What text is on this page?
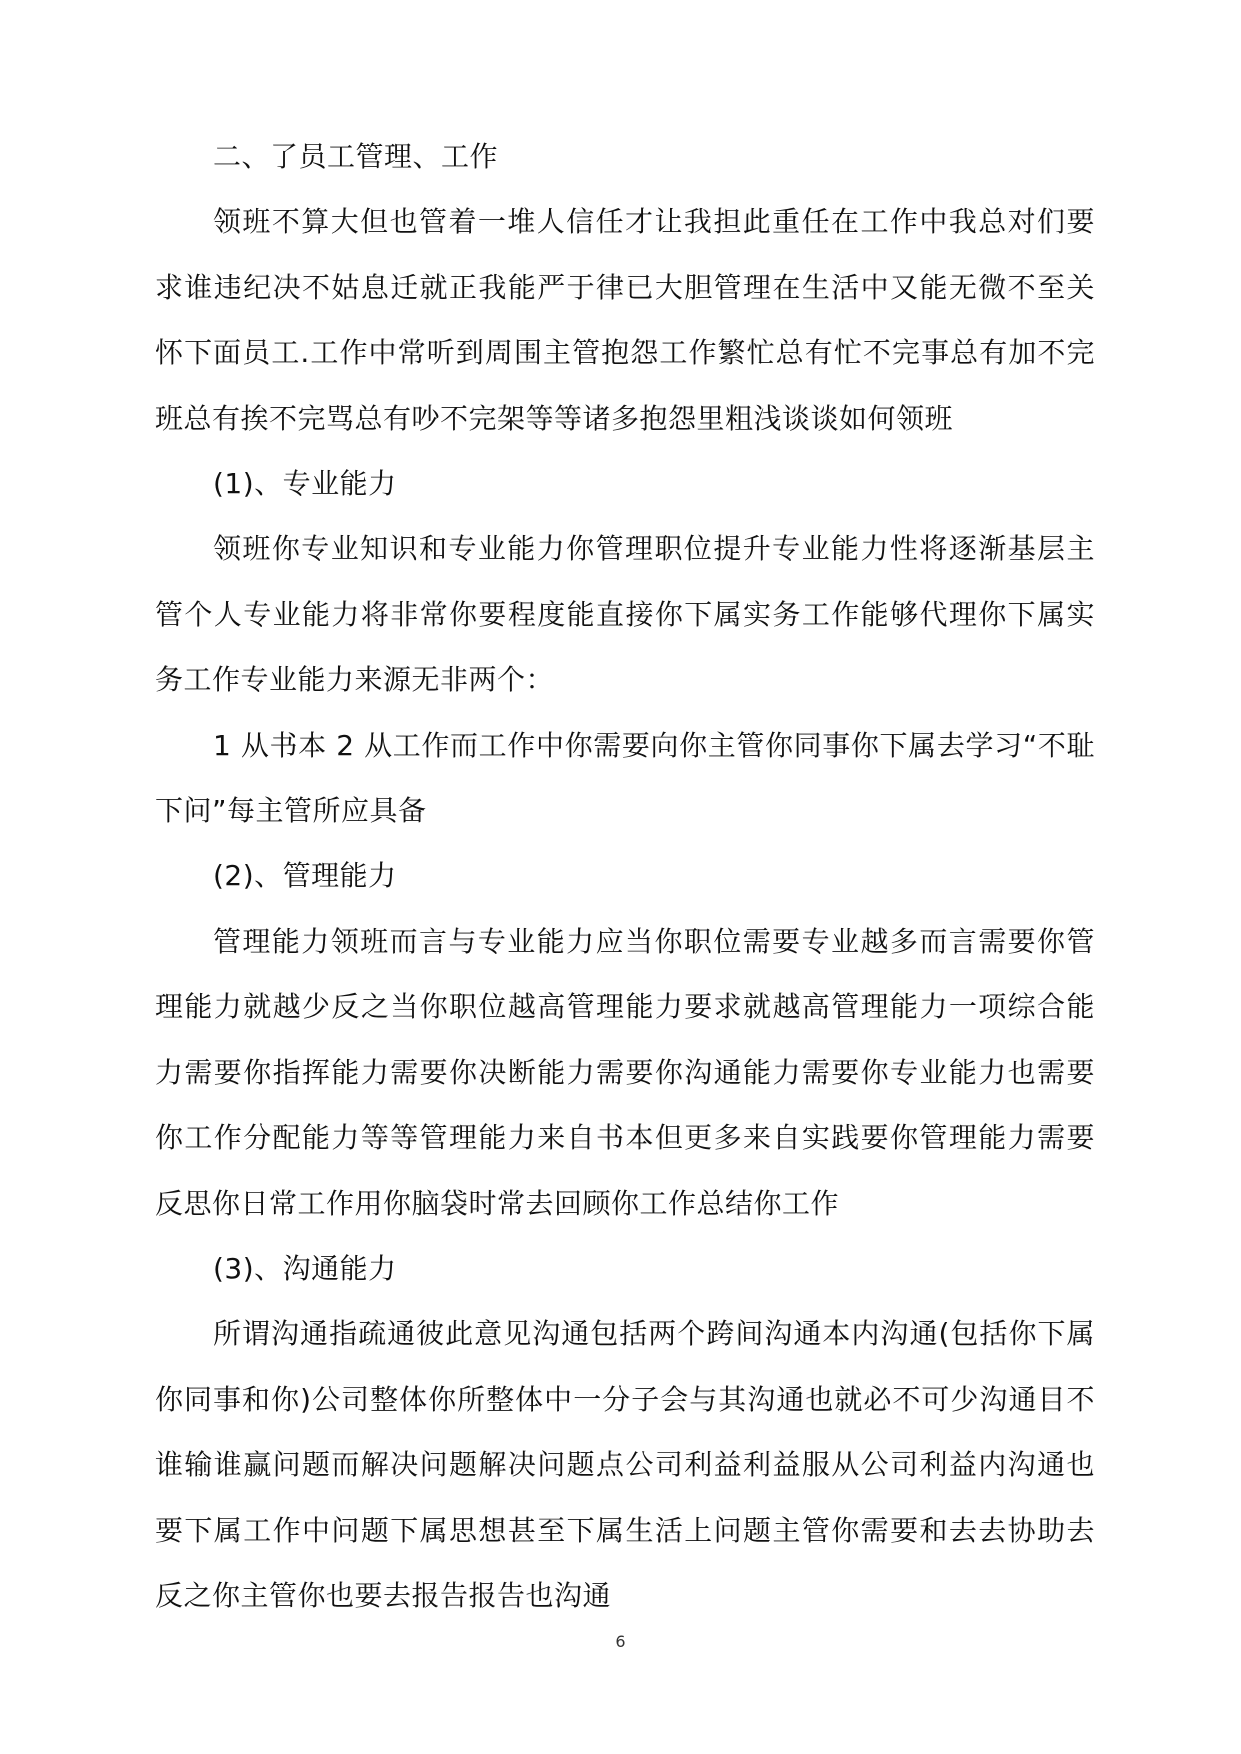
二、了员工管理、工作

领班不算大但也管着一堆人信任才让我担此重任在工作中我总对们要求谁违纪决不姑息迁就正我能严于律已大胆管理在生活中又能无微不至关怀下面员工.工作中常听到周围主管抱怨工作繁忙总有忙不完事总有加不完班总有挨不完骂总有吵不完架等等诸多抱怨里粗浅谈谈如何领班

(1)、专业能力

领班你专业知识和专业能力你管理职位提升专业能力性将逐渐基层主管个人专业能力将非常你要程度能直接你下属实务工作能够代理你下属实务工作专业能力来源无非两个：

1 从书本 2 从工作而工作中你需要向你主管你同事你下属去学习“不耻下问”每主管所应具备

(2)、管理能力

管理能力领班而言与专业能力应当你职位需要专业越多而言需要你管理能力就越少反之当你职位越高管理能力要求就越高管理能力一项综合能力需要你指挥能力需要你决断能力需要你沟通能力需要你专业能力也需要你工作分配能力等等管理能力来自书本但更多来自实践要你管理能力需要反思你日常工作用你脑袋时常去回顾你工作总结你工作

(3)、沟通能力

所谓沟通指疏通彼此意见沟通包括两个跨间沟通本内沟通(包括你下属你同事和你)公司整体你所整体中一分子会与其沟通也就必不可少沟通目不谁输谁赢问题而解决问题解决问题点公司利益利益服从公司利益内沟通也要下属工作中问题下属思想甚至下属生活上问题主管你需要和去去协助去反之你主管你也要去报告报告也沟通

6
